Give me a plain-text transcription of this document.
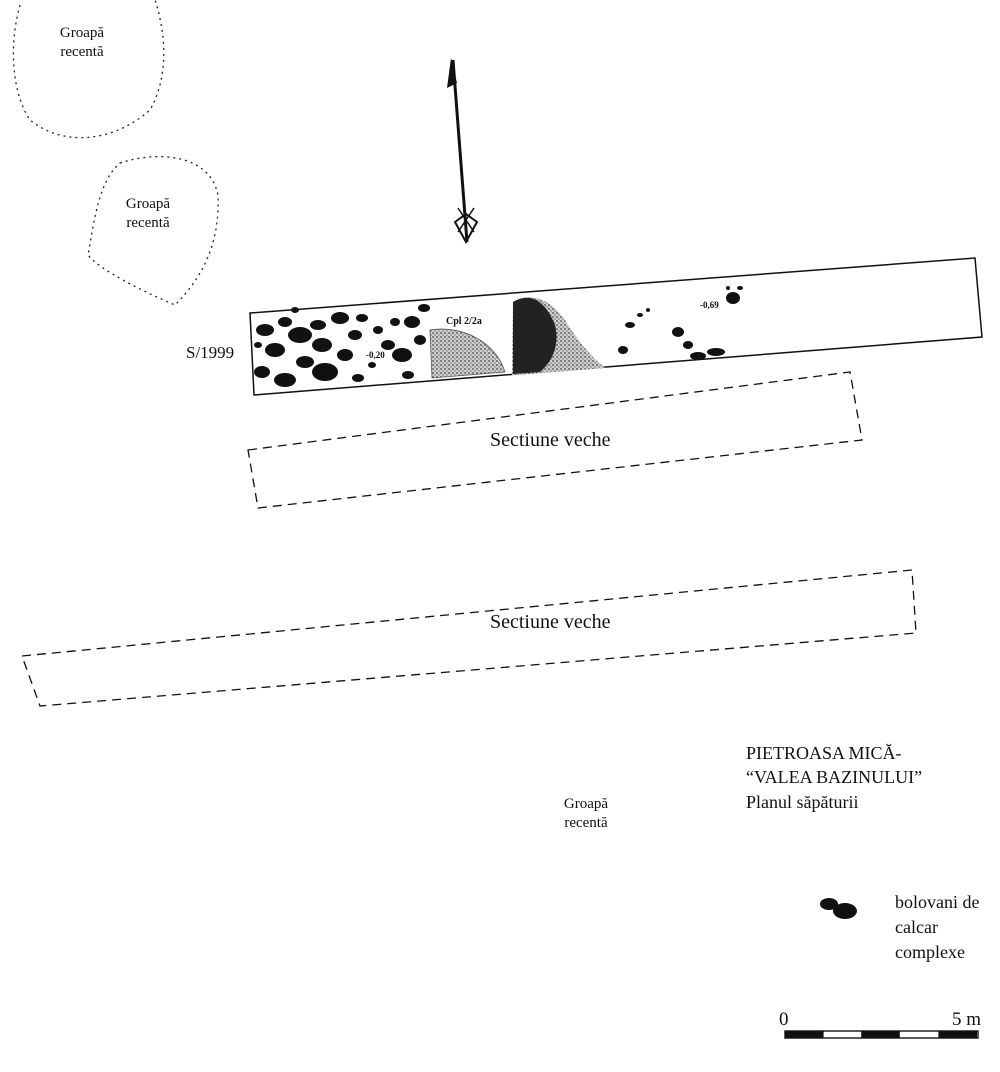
Groapă
recentă
Groapă
recentă
Groapă
recentă
S/1999
Cpl 2/2a
-0,20
-0,69
Sectiune veche
Sectiune veche
PIETROASA MICĂ-
“VALEA BAZINULUI”
Planul săpăturii
bolovani de
calcar
complexe
0	5 m
